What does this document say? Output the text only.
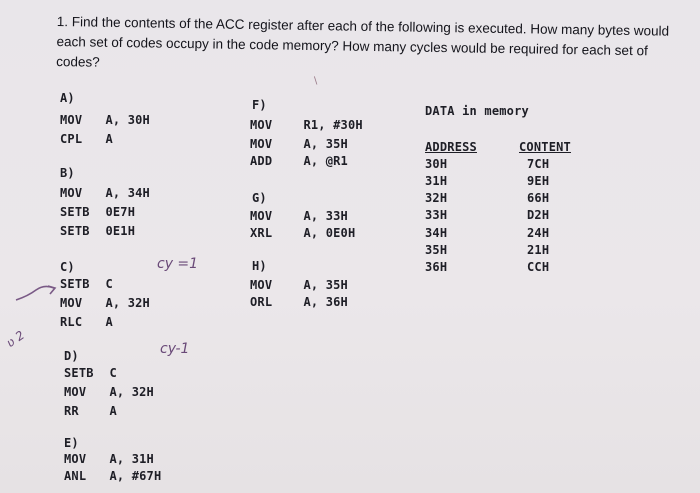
1. Find the contents of the ACC register after each of the following is executed. How many bytes would
each set of codes occupy in the code memory? How many cycles would be required for each set of
codes?
A)
MOV A, 30H
CPL A
B)
MOV A, 34H
SETB 0E7H
SETB 0E1H
C)	cy =1
SETB C
MOV A, 32H
RLC A
ʋ 2
D)	cy-1
SETB C
MOV A, 32H
RR	A
E)
MOV A, 31H
ANL A, #67H
F)
MOV	R1, #30H
MOV	A, 35H
ADD	A, @R1
G)
MOV	A, 33H
XRL	A, 0E0H
H)
MOV	A, 35H
ORL	A, 36H
∖
DATA in memory
ADDRESS	CONTENT
30H	7CH
31H	9EH
32H	66H
33H	D2H
34H	24H
35H	21H
36H	CCH
